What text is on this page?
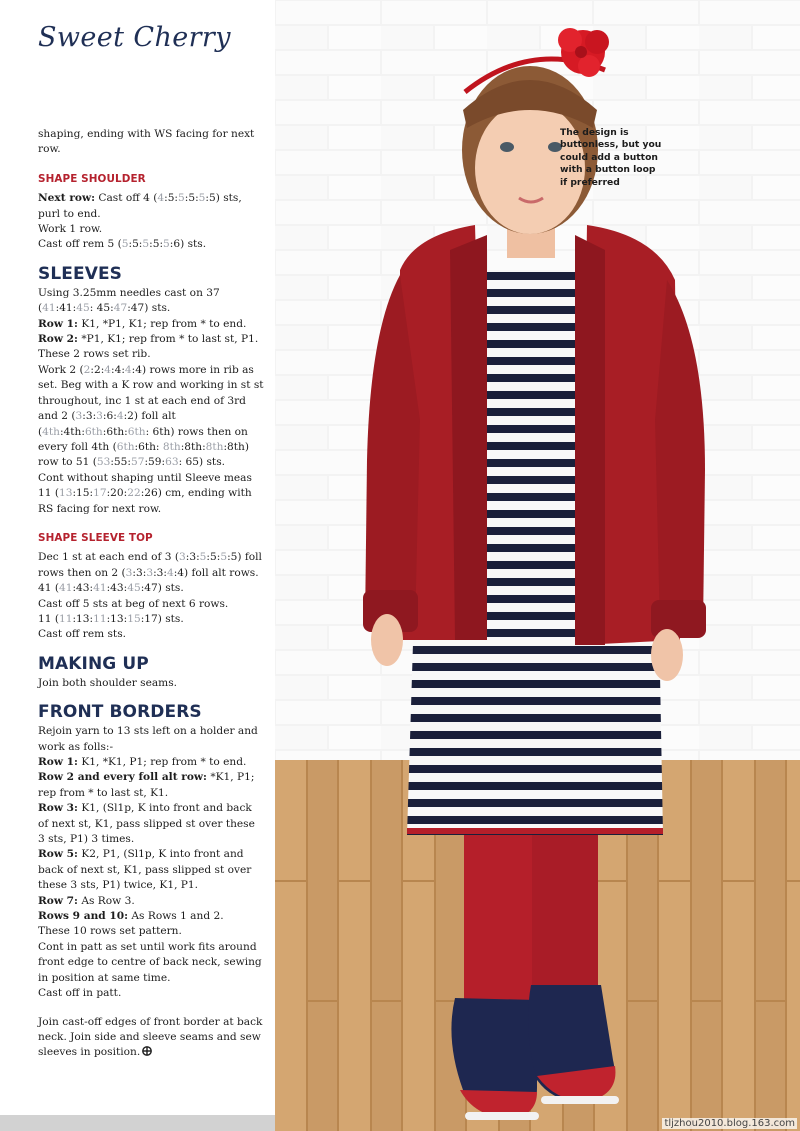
Sweet Cherry

shaping, ending with WS facing for next row.

SHAPE SHOULDER

Next row: Cast off 4 (4:5:5:5:5:5) sts, purl to end.

Work 1 row.

Cast off rem 5 (5:5:5:5:5:6) sts.

SLEEVES

Using 3.25mm needles cast on 37 (41:41:45: 45:47:47) sts.

Row 1: K1, *P1, K1; rep from * to end.

Row 2: *P1, K1; rep from * to last st, P1.

These 2 rows set rib.

Work 2 (2:2:4:4:4:4) rows more in rib as set. Beg with a K row and working in st st throughout, inc 1 st at each end of 3rd and 2 (3:3:3:6:4:2) foll alt (4th:4th:6th:6th:6th: 6th) rows then on every foll 4th (6th:6th: 8th:8th:8th:8th) row to 51 (53:55:57:59:63: 65) sts.

Cont without shaping until Sleeve meas 11 (13:15:17:20:22:26) cm, ending with RS facing for next row.

SHAPE SLEEVE TOP

Dec 1 st at each end of 3 (3:3:5:5:5:5) foll rows then on 2 (3:3:3:3:4:4) foll alt rows.

41 (41:43:41:43:45:47) sts.

Cast off 5 sts at beg of next 6 rows.

11 (11:13:11:13:15:17) sts.

Cast off rem sts.

MAKING UP

Join both shoulder seams.

FRONT BORDERS

Rejoin yarn to 13 sts left on a holder and work as folls:-

Row 1: K1, *K1, P1; rep from * to end.

Row 2 and every foll alt row: *K1, P1; rep from * to last st, K1.

Row 3: K1, (Sl1p, K into front and back of next st, K1, pass slipped st over these 3 sts, P1) 3 times.

Row 5: K2, P1, (Sl1p, K into front and back of next st, K1, pass slipped st over these 3 sts, P1) twice, K1, P1.

Row 7: As Row 3.

Rows 9 and 10: As Rows 1 and 2.

These 10 rows set pattern.

Cont in patt as set until work fits around front edge to centre of back neck, sewing in position at same time.

Cast off in patt.

Join cast-off edges of front border at back neck. Join side and sleeve seams and sew sleeves in position.

The design is buttonless, but you could add a button with a button loop if preferred

tljzhou2010.blog.163.com
